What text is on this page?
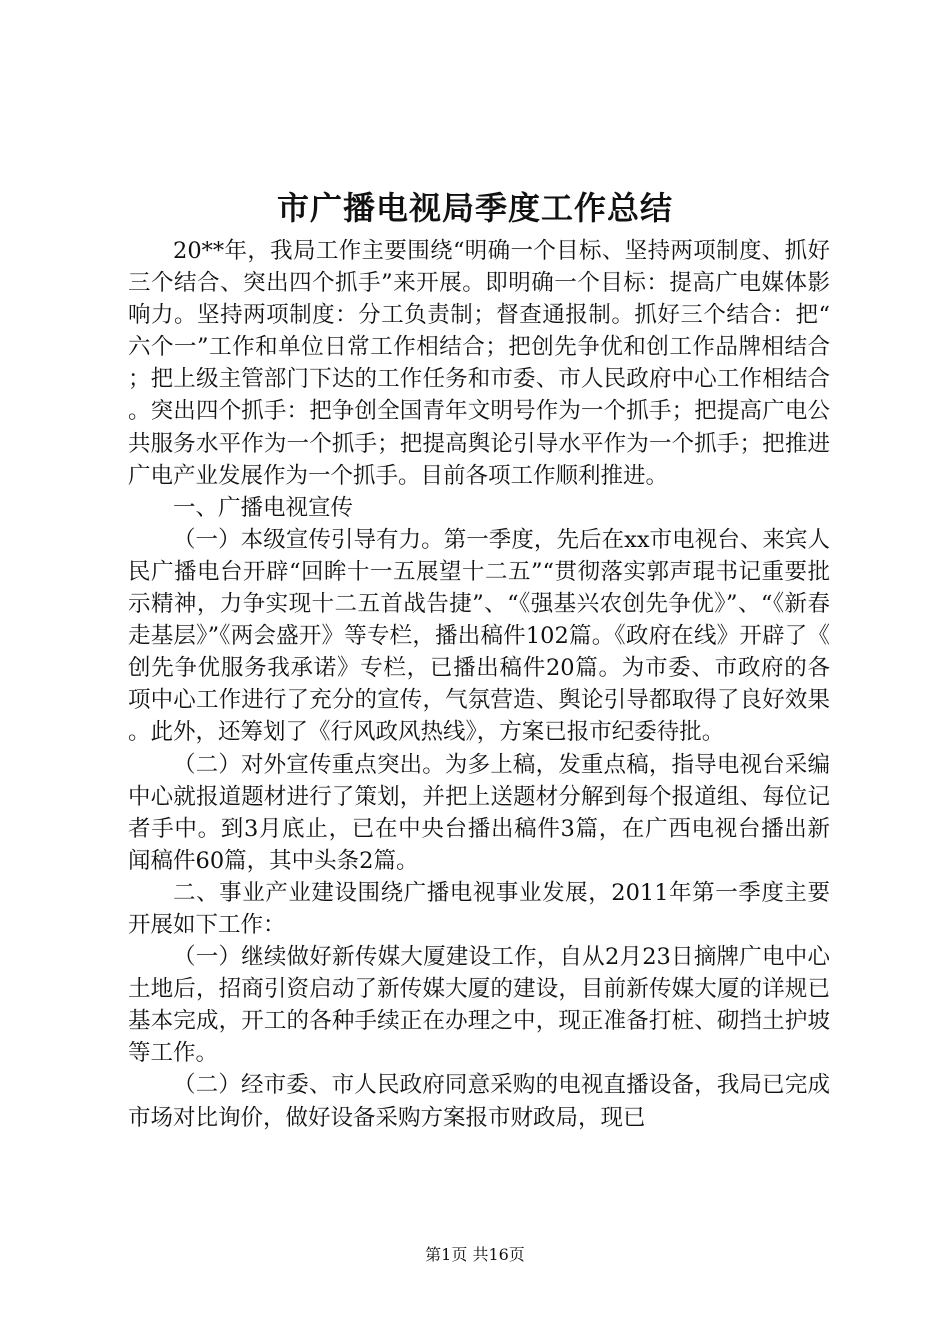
市广播电视局季度工作总结

20**年，我局工作主要围绕“明确一个目标、坚持两项制度、抓好三个结合、突出四个抓手”来开展。即明确一个目标：提高广电媒体影响力。坚持两项制度：分工负责制；督查通报制。抓好三个结合：把“六个一”工作和单位日常工作相结合；把创先争优和创工作品牌相结合；把上级主管部门下达的工作任务和市委、市人民政府中心工作相结合。突出四个抓手：把争创全国青年文明号作为一个抓手；把提高广电公共服务水平作为一个抓手；把提高舆论引导水平作为一个抓手；把推进广电产业发展作为一个抓手。目前各项工作顺利推进。

一、广播电视宣传

（一）本级宣传引导有力。第一季度，先后在xx市电视台、来宾人民广播电台开辟“回眸十一五展望十二五”“贯彻落实郭声琨书记重要批示精神，力争实现十二五首战告捷”、“《强基兴农创先争优》”、“《新春走基层》”《两会盛开》等专栏，播出稿件102篇。《政府在线》开辟了《创先争优服务我承诺》专栏，已播出稿件20篇。为市委、市政府的各项中心工作进行了充分的宣传，气氛营造、舆论引导都取得了良好效果。此外，还筹划了《行风政风热线》，方案已报市纪委待批。

（二）对外宣传重点突出。为多上稿，发重点稿，指导电视台采编中心就报道题材进行了策划，并把上送题材分解到每个报道组、每位记者手中。到3月底止，已在中央台播出稿件3篇，在广西电视台播出新闻稿件60篇，其中头条2篇。

二、事业产业建设围绕广播电视事业发展，2011年第一季度主要开展如下工作：

（一）继续做好新传媒大厦建设工作，自从2月23日摘牌广电中心土地后，招商引资启动了新传媒大厦的建设，目前新传媒大厦的详规已基本完成，开工的各种手续正在办理之中，现正准备打桩、砌挡土护坡等工作。

（二）经市委、市人民政府同意采购的电视直播设备，我局已完成市场对比询价，做好设备采购方案报市财政局，现已

第1页 共16页
